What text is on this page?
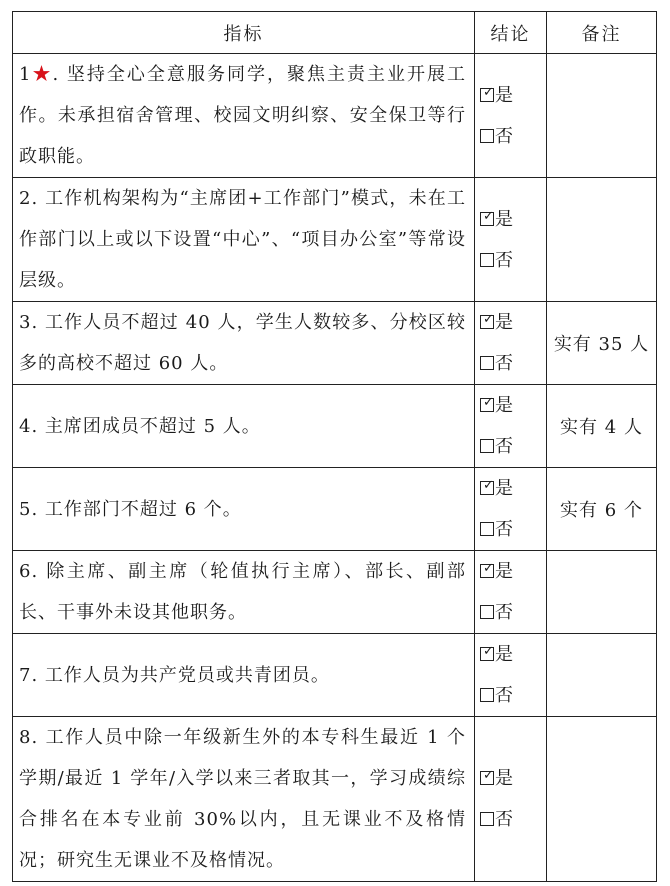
指标	结论	备注
1★. 坚持全心全意服务同学，聚焦主责主业开展工作。未承担宿舍管理、校园文明纠察、安全保卫等行政职能。	✓ 是
否	

2. 工作机构架构为“主席团+工作部门”模式，未在工作部门以上或以下设置“中心”、“项目办公室”等常设层级。	✓ 是
否	

3. 工作人员不超过 40 人，学生人数较多、分校区较多的高校不超过 60 人。	✓ 是
否	实有 35 人
4. 主席团成员不超过 5 人。	✓ 是
否	实有 4 人
5. 工作部门不超过 6 个。	✓ 是
否	实有 6 个
6. 除主席、副主席（轮值执行主席）、部长、副部长、干事外未设其他职务。	✓ 是
否	

7. 工作人员为共产党员或共青团员。	✓ 是
否	

8. 工作人员中除一年级新生外的本专科生最近 1 个学期/最近 1 学年/入学以来三者取其一，学习成绩综合排名在本专业前 30%以内，且无课业不及格情况；研究生无课业不及格情况。	✓ 是
否	
